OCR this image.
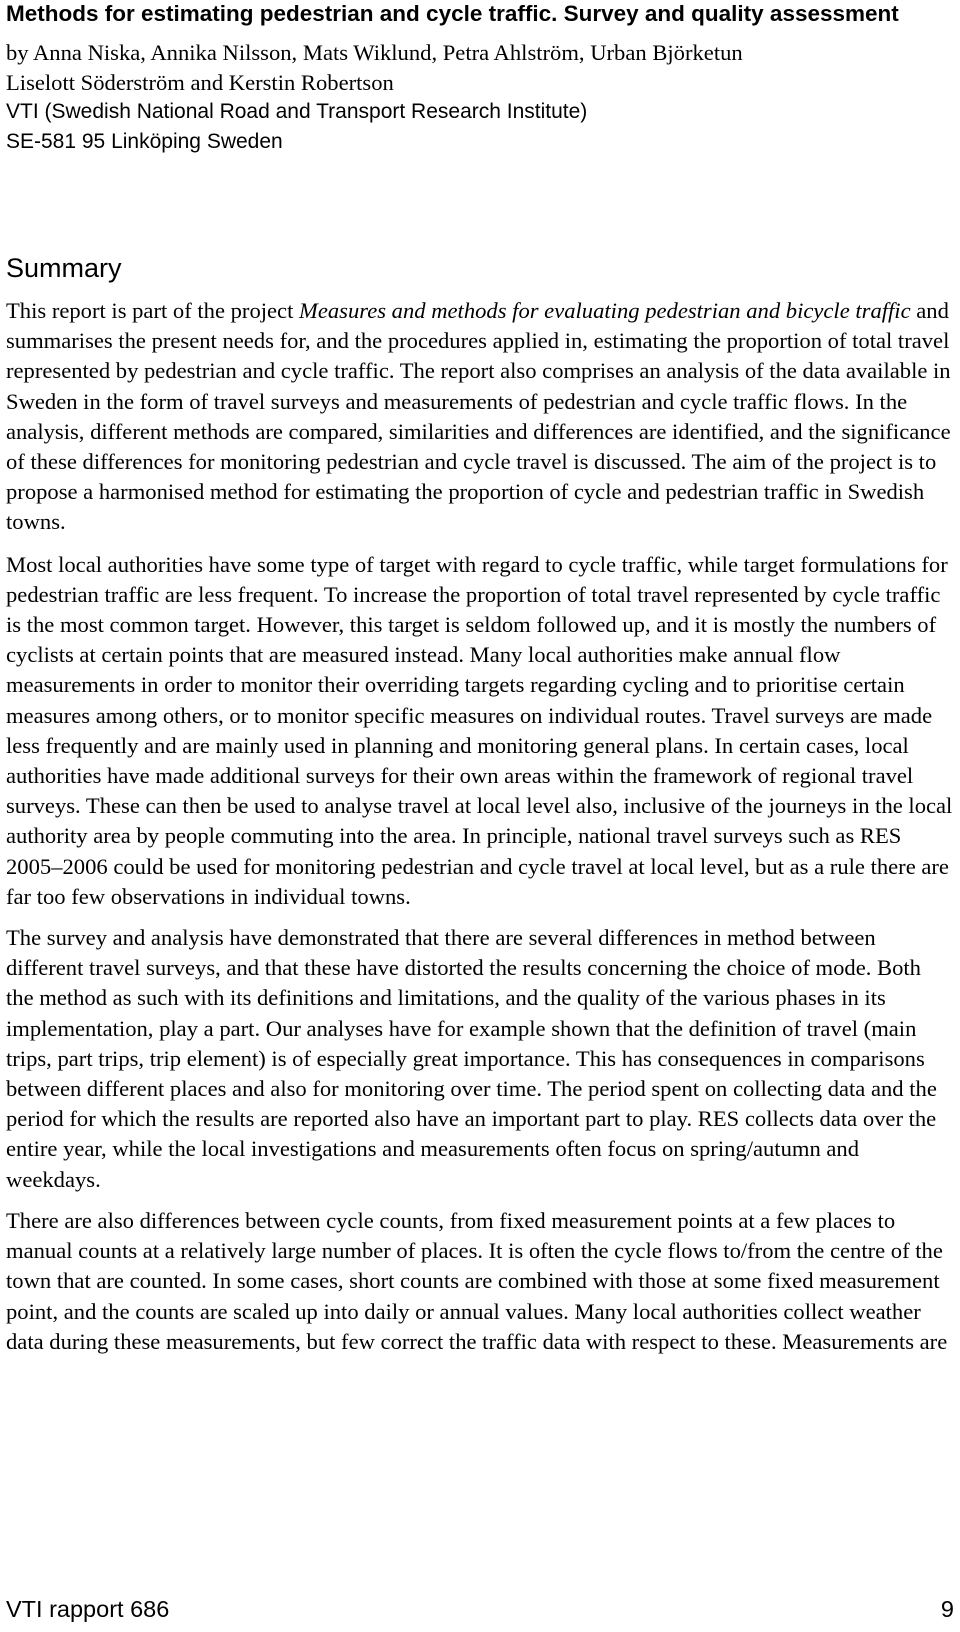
Methods for estimating pedestrian and cycle traffic. Survey and quality assessment
by Anna Niska, Annika Nilsson, Mats Wiklund, Petra Ahlström, Urban Björketun
Liselott Söderström and Kerstin Robertson
VTI (Swedish National Road and Transport Research Institute)
SE-581 95 Linköping Sweden
Summary

This report is part of the project Measures and methods for evaluating pedestrian and bicycle traffic and summarises the present needs for, and the procedures applied in, estimating the proportion of total travel represented by pedestrian and cycle traffic. The report also comprises an analysis of the data available in Sweden in the form of travel surveys and measurements of pedestrian and cycle traffic flows. In the analysis, different methods are compared, similarities and differences are identified, and the significance of these differences for monitoring pedestrian and cycle travel is discussed. The aim of the project is to propose a harmonised method for estimating the proportion of cycle and pedestrian traffic in Swedish towns.

Most local authorities have some type of target with regard to cycle traffic, while target formulations for pedestrian traffic are less frequent. To increase the proportion of total travel represented by cycle traffic is the most common target. However, this target is seldom followed up, and it is mostly the numbers of cyclists at certain points that are measured instead. Many local authorities make annual flow measurements in order to monitor their overriding targets regarding cycling and to prioritise certain measures among others, or to monitor specific measures on individual routes. Travel surveys are made less frequently and are mainly used in planning and monitoring general plans. In certain cases, local authorities have made additional surveys for their own areas within the framework of regional travel surveys. These can then be used to analyse travel at local level also, inclusive of the journeys in the local authority area by people commuting into the area. In principle, national travel surveys such as RES 2005–2006 could be used for monitoring pedestrian and cycle travel at local level, but as a rule there are far too few observations in individual towns.

The survey and analysis have demonstrated that there are several differences in method between different travel surveys, and that these have distorted the results concerning the choice of mode. Both the method as such with its definitions and limitations, and the quality of the various phases in its implementation, play a part. Our analyses have for example shown that the definition of travel (main trips, part trips, trip element) is of especially great importance. This has consequences in comparisons between different places and also for monitoring over time. The period spent on collecting data and the period for which the results are reported also have an important part to play. RES collects data over the entire year, while the local investigations and measurements often focus on spring/autumn and weekdays.

There are also differences between cycle counts, from fixed measurement points at a few places to manual counts at a relatively large number of places. It is often the cycle flows to/from the centre of the town that are counted. In some cases, short counts are combined with those at some fixed measurement point, and the counts are scaled up into daily or annual values. Many local authorities collect weather data during these measurements, but few correct the traffic data with respect to these. Measurements are

VTI rapport 686	9
